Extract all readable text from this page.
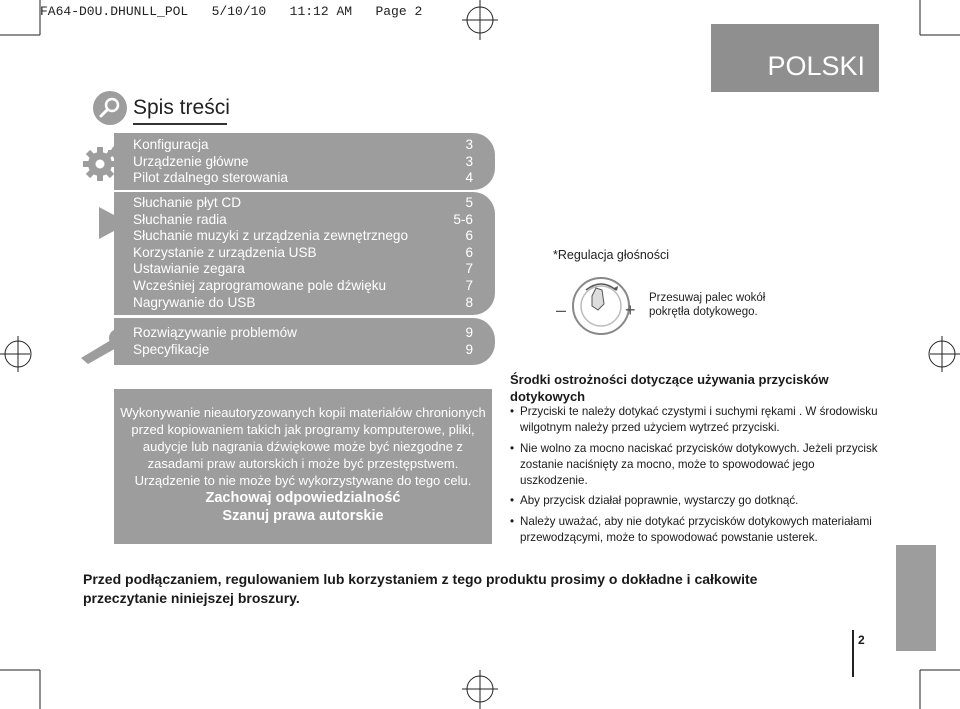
FA64-D0U.DHUNLL_POL   5/10/10   11:12 AM   Page 2
POLSKI
Spis treści
Konfiguracja	3
Urządzenie główne	3
Pilot zdalnego sterowania	4
Słuchanie płyt CD	5
Słuchanie radia	5-6
Słuchanie muzyki z urządzenia zewnętrznego	6
Korzystanie z urządzenia USB	6
Ustawianie zegara	7
Wcześniej zaprogramowane pole dźwięku	7
Nagrywanie do USB	8
Rozwiązywanie problemów	9
Specyfikacje	9
Wykonywanie nieautoryzowanych kopii materiałów chronionych przed kopiowaniem takich jak programy komputerowe, pliki, audycje lub nagrania dźwiękowe może być niezgodne z zasadami praw autorskich i może być przestępstwem. Urządzenie to nie może być wykorzystywane do tego celu.
Zachowaj odpowiedzialność
Szanuj prawa autorskie
*Regulacja głośności
–	+
Przesuwaj palec wokół
pokrętła dotykowego.
Środki ostrożności dotyczące używania przycisków dotykowych
• Przyciski te należy dotykać czystymi i suchymi rękami . W środowisku wilgotnym należy przed użyciem wytrzeć przyciski.
• Nie wolno za mocno naciskać przycisków dotykowych. Jeżeli przycisk zostanie naciśnięty za mocno, może to spowodować jego uszkodzenie.
• Aby przycisk działał poprawnie, wystarczy go dotknąć.
• Należy uważać, aby nie dotykać przycisków dotykowych materiałami przewodzącymi, może to spowodować powstanie usterek.
Przed podłączaniem, regulowaniem lub korzystaniem z tego produktu prosimy o dokładne i całkowite przeczytanie niniejszej broszury.
2
